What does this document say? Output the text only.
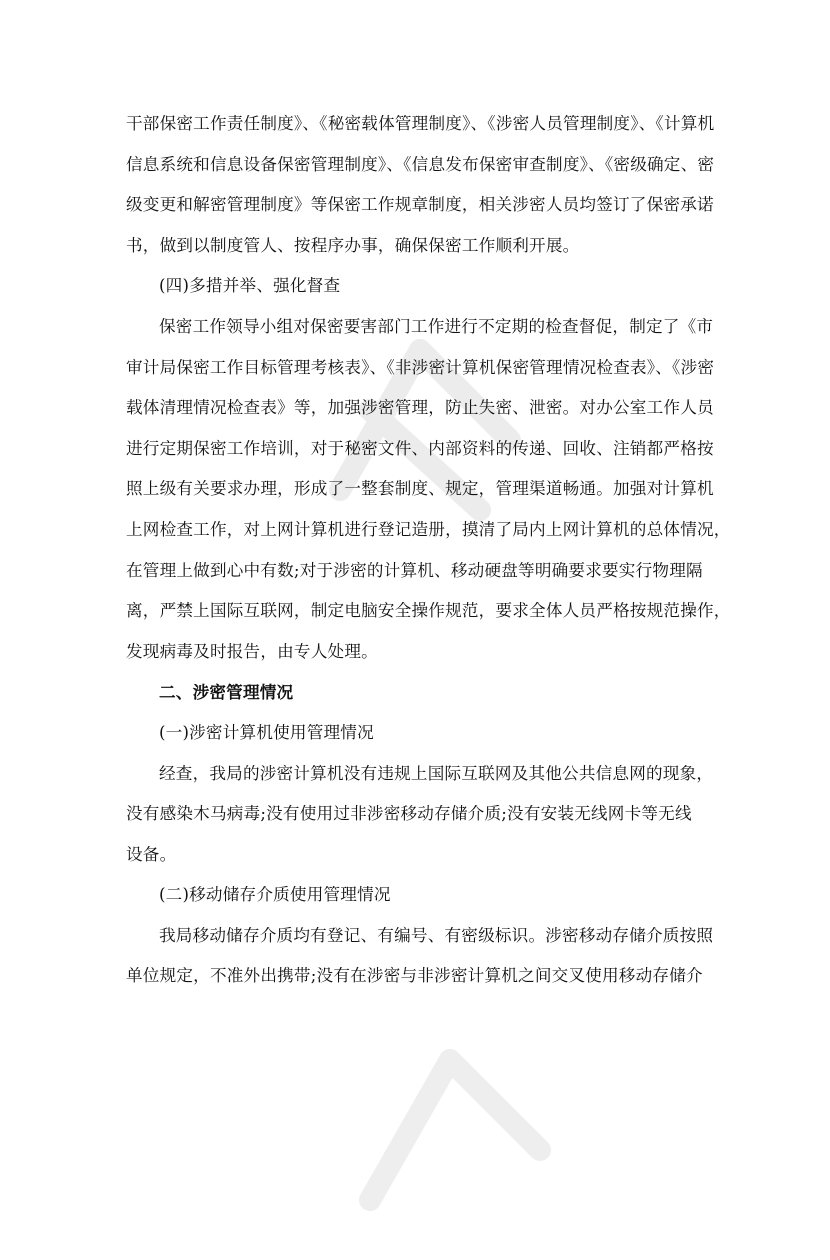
干部保密工作责任制度》、《秘密载体管理制度》、《涉密人员管理制度》、《计算机
信息系统和信息设备保密管理制度》、《信息发布保密审查制度》、《密级确定、密
级变更和解密管理制度》等保密工作规章制度，相关涉密人员均签订了保密承诺
书，做到以制度管人、按程序办事，确保保密工作顺利开展。
(四)多措并举、强化督查
保密工作领导小组对保密要害部门工作进行不定期的检查督促，制定了《市
审计局保密工作目标管理考核表》、《非涉密计算机保密管理情况检查表》、《涉密
载体清理情况检查表》等，加强涉密管理，防止失密、泄密。对办公室工作人员
进行定期保密工作培训，对于秘密文件、内部资料的传递、回收、注销都严格按
照上级有关要求办理，形成了一整套制度、规定，管理渠道畅通。加强对计算机
上网检查工作，对上网计算机进行登记造册，摸清了局内上网计算机的总体情况，
在管理上做到心中有数;对于涉密的计算机、移动硬盘等明确要求要实行物理隔
离，严禁上国际互联网，制定电脑安全操作规范，要求全体人员严格按规范操作，
发现病毒及时报告，由专人处理。
二、涉密管理情况
(一)涉密计算机使用管理情况
经查，我局的涉密计算机没有违规上国际互联网及其他公共信息网的现象，
没有感染木马病毒;没有使用过非涉密移动存储介质;没有安装无线网卡等无线
设备。
(二)移动储存介质使用管理情况
我局移动储存介质均有登记、有编号、有密级标识。涉密移动存储介质按照
单位规定，不准外出携带;没有在涉密与非涉密计算机之间交叉使用移动存储介
